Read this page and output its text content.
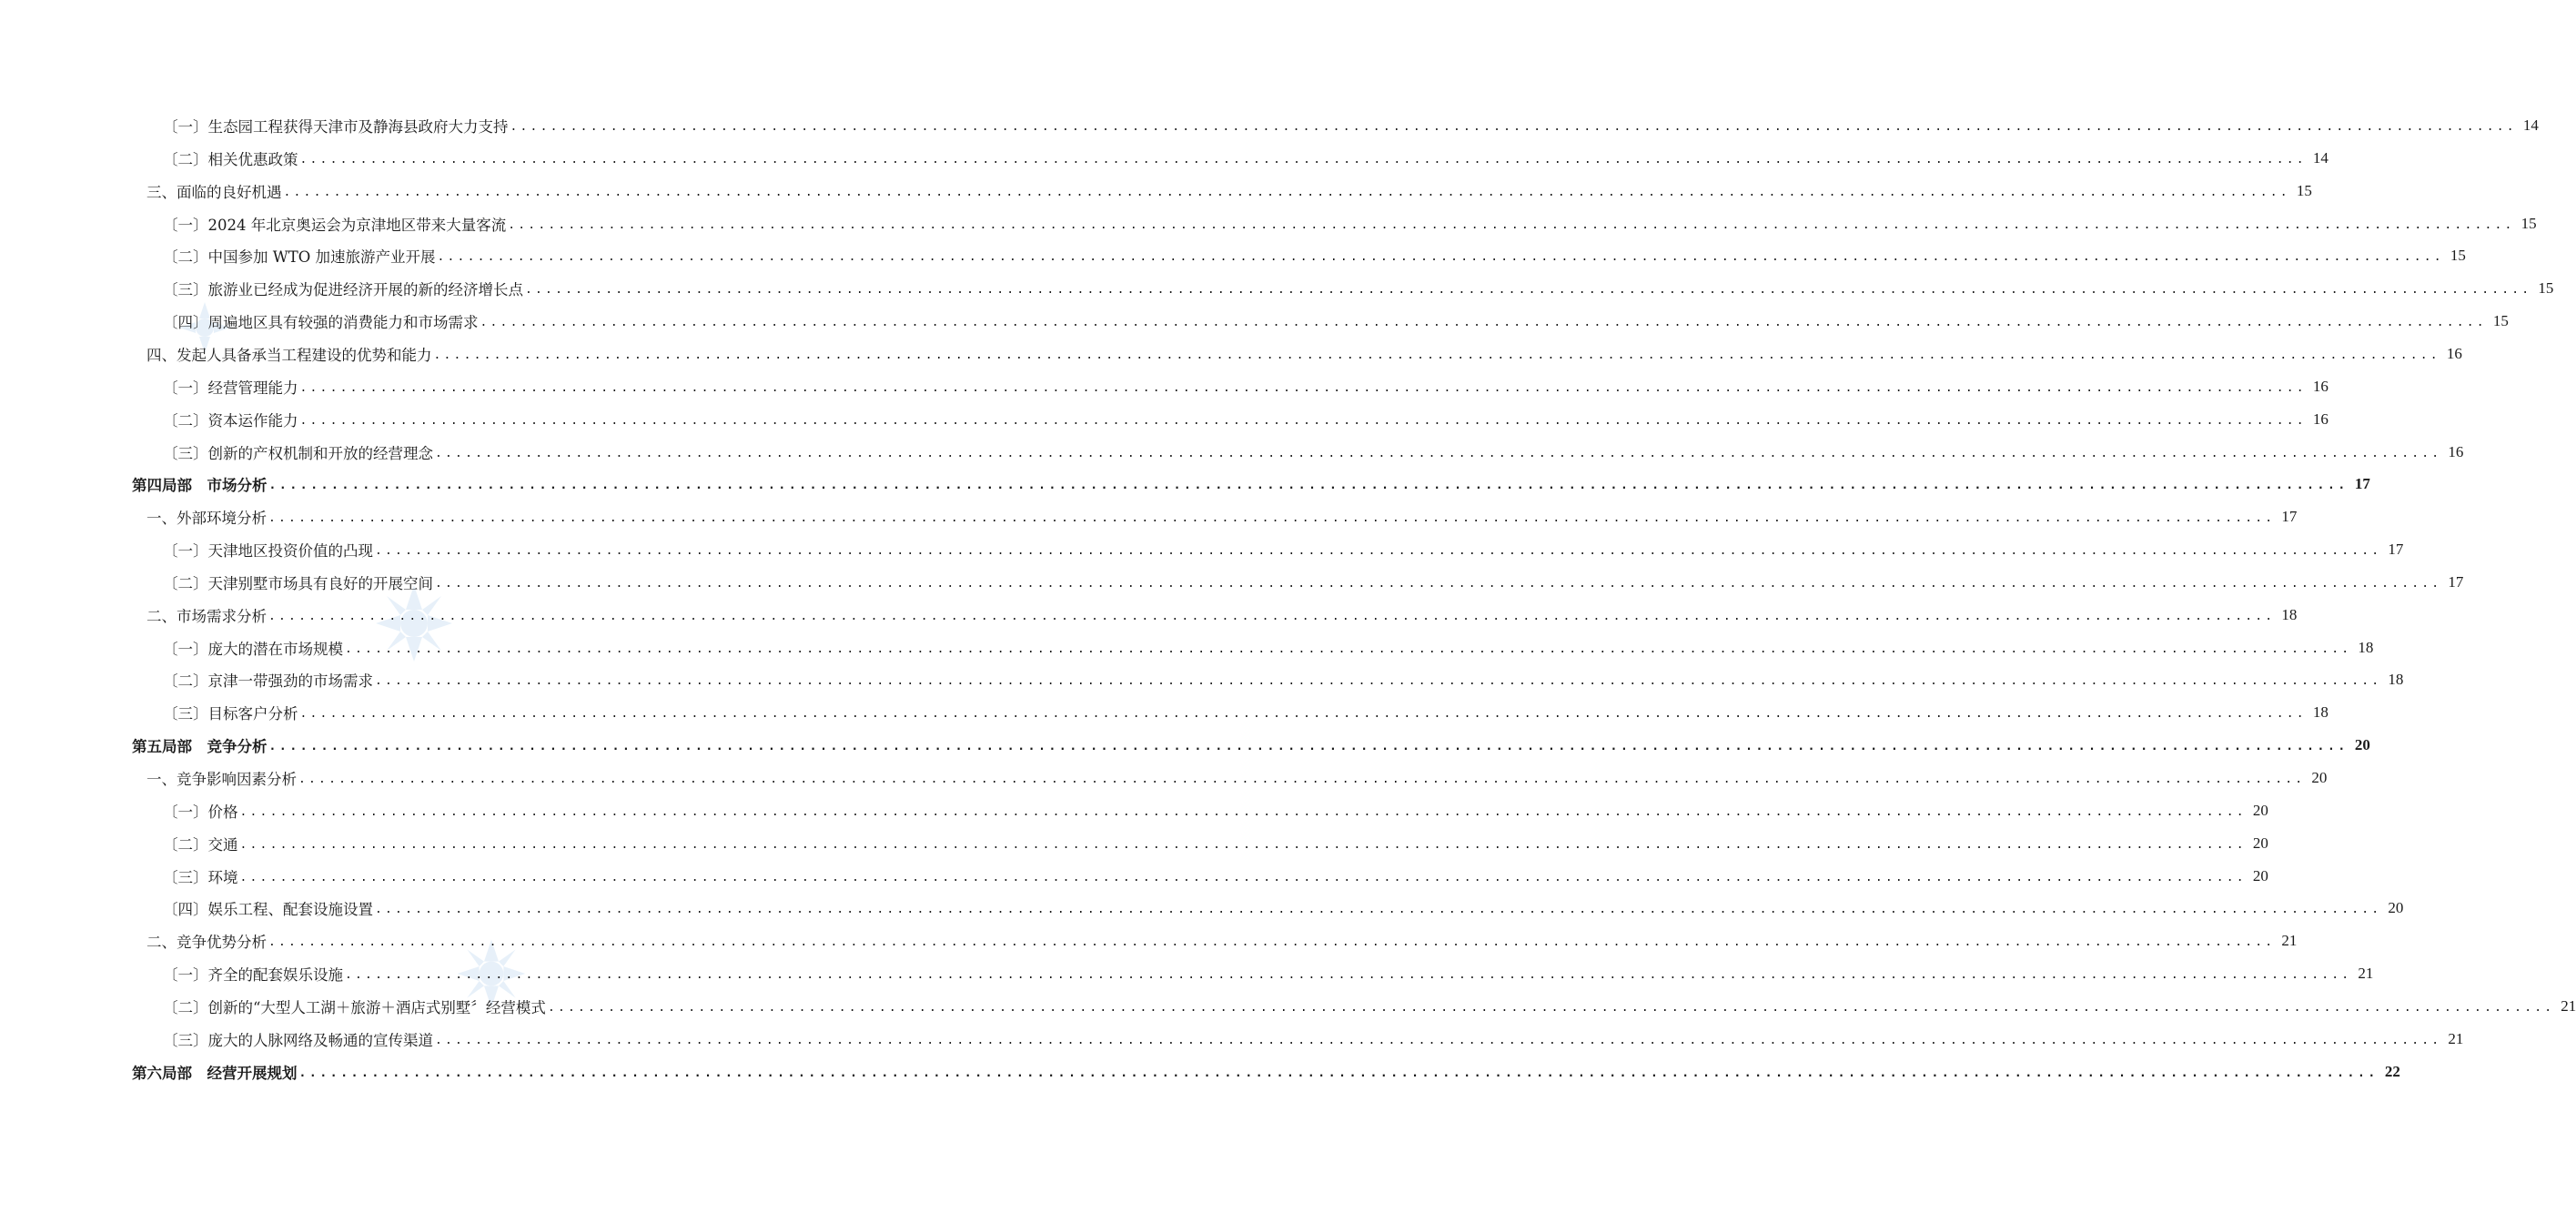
〔一〕生态园工程获得天津市及静海县政府大力支持 ........................................................................................................................................................................................................ 14
〔二〕相关优惠政策 ........................................................................................................................................................................................................ 14
三、面临的良好机遇 ........................................................................................................................................................................................................ 15
〔一〕2024 年北京奥运会为京津地区带来大量客流 ........................................................................................................................................................................................................ 15
〔二〕中国参加 WTO 加速旅游产业开展 ........................................................................................................................................................................................................ 15
〔三〕旅游业已经成为促进经济开展的新的经济增长点 ........................................................................................................................................................................................................ 15
〔四〕周遍地区具有较强的消费能力和市场需求 ........................................................................................................................................................................................................ 15
四、发起人具备承当工程建设的优势和能力 ........................................................................................................................................................................................................ 16
〔一〕经营管理能力 ........................................................................................................................................................................................................ 16
〔二〕资本运作能力 ........................................................................................................................................................................................................ 16
〔三〕创新的产权机制和开放的经营理念 ........................................................................................................................................................................................................ 16
第四局部　市场分析 ........................................................................................................................................................................................................ 17
一、外部环境分析 ........................................................................................................................................................................................................ 17
〔一〕天津地区投资价值的凸现 ........................................................................................................................................................................................................ 17
〔二〕天津别墅市场具有良好的开展空间 ........................................................................................................................................................................................................ 17
二、市场需求分析 ........................................................................................................................................................................................................ 18
〔一〕庞大的潜在市场规模 ........................................................................................................................................................................................................ 18
〔二〕京津一带强劲的市场需求 ........................................................................................................................................................................................................ 18
〔三〕目标客户分析 ........................................................................................................................................................................................................ 18
第五局部　竞争分析 ........................................................................................................................................................................................................ 20
一、竞争影响因素分析 ........................................................................................................................................................................................................ 20
〔一〕价格 ........................................................................................................................................................................................................ 20
〔二〕交通 ........................................................................................................................................................................................................ 20
〔三〕环境 ........................................................................................................................................................................................................ 20
〔四〕娱乐工程、配套设施设置 ........................................................................................................................................................................................................ 20
二、竞争优势分析 ........................................................................................................................................................................................................ 21
〔一〕齐全的配套娱乐设施 ........................................................................................................................................................................................................ 21
〔二〕创新的“大型人工湖＋旅游＋酒店式别墅〞经营模式 ........................................................................................................................................................................................................ 21
〔三〕庞大的人脉网络及畅通的宣传渠道 ........................................................................................................................................................................................................ 21
第六局部　经营开展规划 ........................................................................................................................................................................................................ 22
